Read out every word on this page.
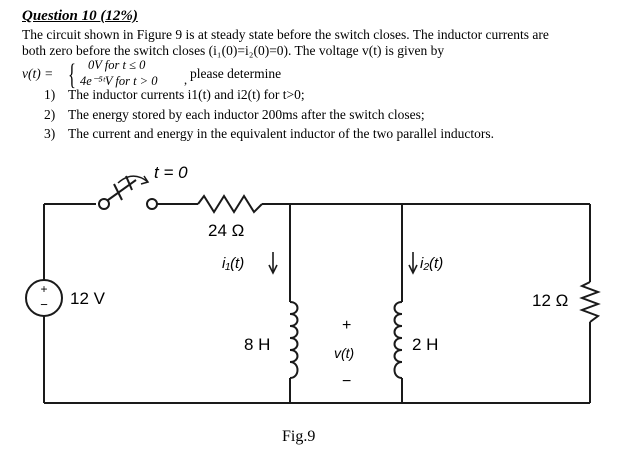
Question 10 (12%)
The circuit shown in Figure 9 is at steady state before the switch closes. The inductor currents are
both zero before the switch closes (i₁(0)=i₂(0)=0). The voltage v(t) is given by
v(t) = { 0V for t ≤ 0
4e⁻⁵ᵗV for t > 0 , please determine
1) The inductor currents i1(t) and i2(t) for t>0;
2) The energy stored by each inductor 200ms after the switch closes;
3) The current and energy in the equivalent inductor of the two parallel inductors.
+
−
t = 0
12 V
24 Ω
i₁(t)
8 H
+
v(t)
−
i₂(t)
2 H
12 Ω
Fig.9
